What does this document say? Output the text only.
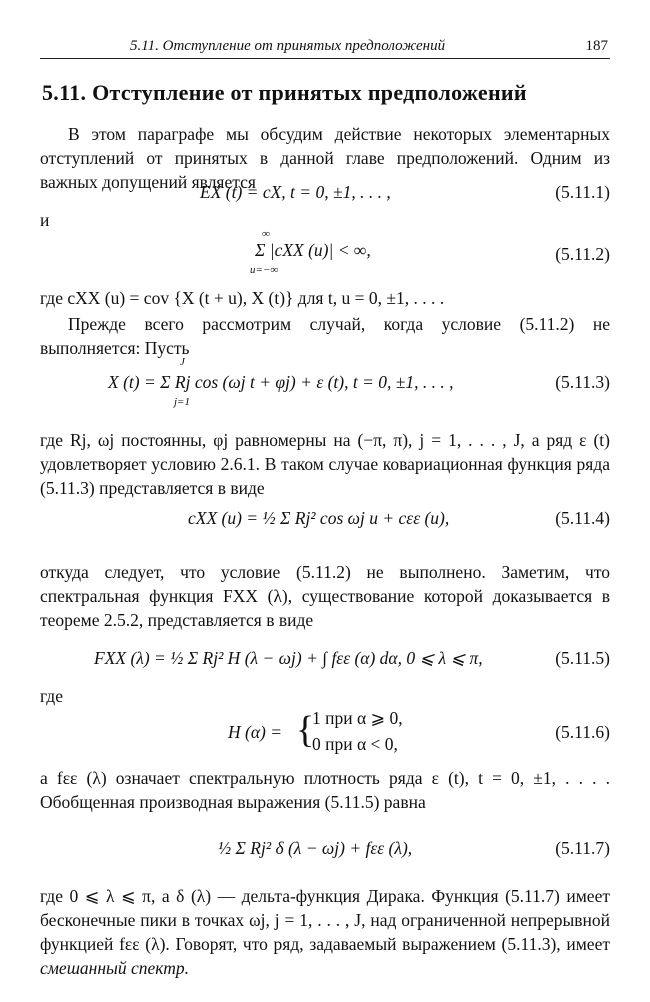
5.11. Отступление от принятых предположений	187
5.11. Отступление от принятых предположений
В этом параграфе мы обсудим действие некоторых элементарных отступлений от принятых в данной главе предположений. Одним из важных допущений является
EX (t) = cX, t = 0, ±1, . . . ,	(5.11.1)
и
∞
u=−∞
Σ |cXX (u)| < ∞,	(5.11.2)
где cXX (u) = cov {X (t + u), X (t)} для t, u = 0, ±1, . . . .
Прежде всего рассмотрим случай, когда условие (5.11.2) не выполняется: Пусть
J
j=1
X (t) = Σ Rj cos (ωj t + φj) + ε (t), t = 0, ±1, . . . ,	(5.11.3)
где Rj, ωj постоянны, φj равномерны на (−π, π), j = 1, . . . , J, а ряд ε (t) удовлетворяет условию 2.6.1. В таком случае ковариационная функция ряда (5.11.3) представляется в виде
cXX (u) = ½ Σ Rj² cos ωj u + cεε (u),	(5.11.4)
откуда следует, что условие (5.11.2) не выполнено. Заметим, что спектральная функция FXX (λ), существование которой доказывается в теореме 2.5.2, представляется в виде
FXX (λ) = ½ Σ Rj² H (λ − ωj) + ∫ fεε (α) dα, 0 ⩽ λ ⩽ π,	(5.11.5)
где
H (α) = {
1 при α ⩾ 0,
0 при α < 0,
(5.11.6)
а fεε (λ) означает спектральную плотность ряда ε (t), t = 0, ±1, . . . . Обобщенная производная выражения (5.11.5) равна
½ Σ Rj² δ (λ − ωj) + fεε (λ),	(5.11.7)
где 0 ⩽ λ ⩽ π, а δ (λ) — дельта-функция Дирака. Функция (5.11.7) имеет бесконечные пики в точках ωj, j = 1, . . . , J, над ограниченной непрерывной функцией fεε (λ). Говорят, что ряд, задаваемый выражением (5.11.3), имеет смешанный спектр.
